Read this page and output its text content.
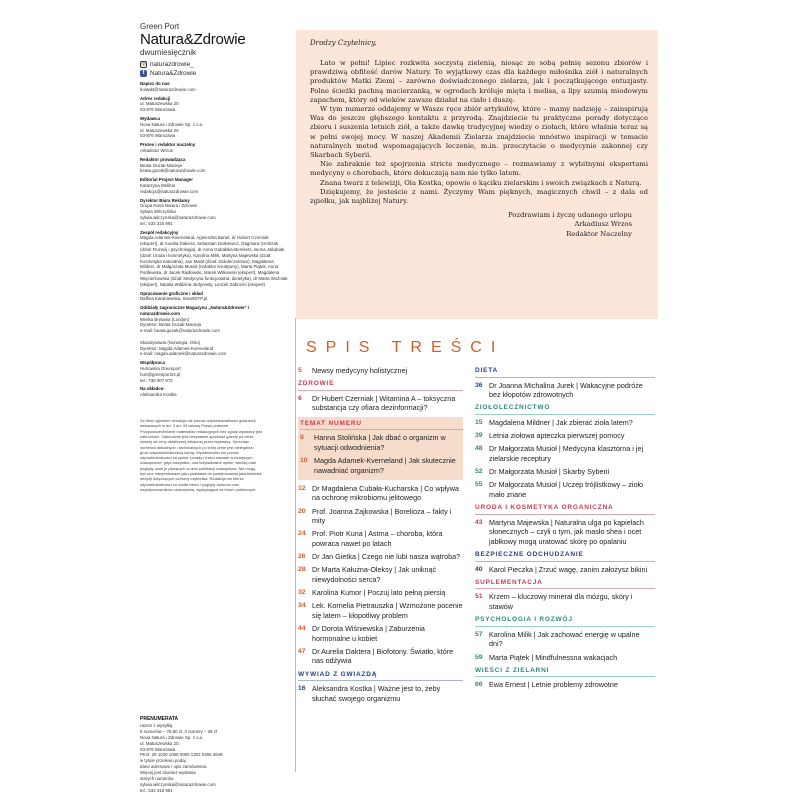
Green Port
Natura&Zdrowie
dwumiesięcznik
◎ naturazdrowie_
f Natura&Zdrowie
Napisz do nas
kontakt@naturazdrowie.com
Adres redakcji
ul. Matuszewska 20
03-876 Warszawa
Wydawca
Nova Natura i Zdrowie Sp. z o.o.
ul. Matuszewska 20
03-876 Warszawa
Prezes i redaktor naczelny
Arkadiusz Wrzos
Redaktor prowadząca
Beata Guzak-Macieja
beata.guzak@naturazdrowie.com
Editorial Project Manager
Katarzyna Melihar
redakcja@naturazdrowie.com
Dyrektor Biura Reklamy
Grupa Nova Natura i Zdrowie
Sylwia Wilczyńska
sylwia.wilczynska@naturazdrowie.com
tel.: 533 315 991
Zespół redakcyjny
Magda Adamek-Kverneland, Agnieszka Baraś, dr Hubert Czerniak (ekspert), dr Aurelia Dakiera, Sebastian Dutkiewicz, Dagmara Gmitrzak (dział: Rozwój i psychologia), dr Anna Gabałska-Berekets, Iwona Jakubiak (dział: Uroda i kosmetyka), Karolina Milik, Martyna Majewska (dział: Kosmetyka naturalna), Jan Matuł (dział: Ziołolecznictwo), Magdalena Mildner, dr Małgorzata Musioł (redaktor kreatywny), Marta Piątek, Anna Podlewska, dr Jacek Radłowski, Marek Wilkowski (ekspert), Magdalena Więcierkowska (dział: Medycyna funkcjonalna, dietetyka), dr Marta Woźniak (ekspert), Natalia Wildzina-Jedynasty, Leszek Zabrocki (ekspert)
Opracowanie graficzne i skład
Daffina Karabiewska, SmartDTP.pl
Oddziały zagraniczne Magazynu „Natura&Zdrowie” i naturazdrowie.com
Wielka Brytania (Londyn)
Dyrektor: Beata Guzak-Macieja
e-mail: beata.guzak@naturazdrowie.com

Skandynawia (Norwegia, Oslo)
Dyrektor: Magda Adamek-Kverneland
e-mail: magda.adamek@naturazdrowie.com
Współpraca
Hurtownia Greenport
hurt@greenport24.pl
tel.: 730 007 872
Na okładce:
Aleksandra Kostka
Za treść ogłoszeń redakcja nie ponosi odpowiedzialności gwarancji wskazanych w art. 3 art. 43 ustawy Prawo prasowe. Przypowszechnianie materiałów redakcyjnych bez zgody wydawcy jest zabronione. Zabronione jest bezprawne sprzedaż gazety po cenie niższej od ceny detalicznej ustalonej przez wydawcę. Sprzedaż numerów aktualnych i archiwalnych po innej cenie jest nielegalna i grozi odpowiedzialnością karną. Wydawnictwo nie ponosi odpowiedzialności za opinie, porady i treści zawarte w niniejszym czasopiśmie; gdyż wszystkie, ona indywidualne opinie, wiedzę oraz poglądy osób je piszących w dniu publikacji czasopisma. Nie mogą być one interpretowane jako podstawa do podejmowania jakichkolwiek decyzji dotyczących ochrony czytelnika. Redakcja nie bierze odpowiedzialności za źródłe treści i poglądy autorów oraz współpracowników czasopisma, wypływające na forum publicznym.
PRENUMERATA
razem z wysyłką
6 numerów – 75,60 zł, 3 numery – 38 zł
Nova Natura i Zdrowie Sp. z o.o.
ul. Matuszewska 20,
03-876 Warszawa
PKO: 29 1020 1068 0000 1302 0466 3649
w tytule przelewu podaj
dane adresowe i opis zamówienia.
Więcej jest również wysłania
starych numerów
sylwia.wilczynska@naturazdrowie.com
tel.: 533 315 991
Drodzy Czytelnicy,

Lato w pełni! Lipiec rozkwita soczystą zielenią, niosąc ze sobą pełnię sezonu zbiorów i prawdziwą obfitość darów Natury. To wyjątkowy czas dla każdego miłośnika ziół i naturalnych produktów Matki Ziemi – zarówno doświadczonego zielarza, jak i początkującego entuzjasty. Polne ścieżki pachną macierzanką, w ogrodach króluje mięta i melisa, a lipy szumią miodowym zapachem, który od wieków zawsze działał na ciało i duszę.

W tym numerze oddajemy w Wasze ręce zbiór artykułów, które – mamy nadzieję – zainspirują Was do jeszcze głębszego kontaktu z przyrodą. Znajdziecie tu praktyczne porady dotyczące zbioru i suszenia letnich ziół, a także dawkę tradycyjnej wiedzy o ziołach, które właśnie teraz są w pełni swojej mocy. W naszej Akademii Zielarza znajdziecie mnóstwo inspiracji w temacie naturalnych metod wspomagających leczenie, m.in. przeczytacie o medycynie zakonnej czy Skarbach Syberii.

Nie zabraknie też spojrzenia stricte medycznego – rozmawiamy z wybitnymi ekspertami medycyny o chorobach, które dokuczają nam nie tylko latem.

Znana twarz z telewizji, Ola Kostka, opowie o kąciku zielarskim i swoich związkach z Naturą.

Dziękujemy, że jesteście z nami. Życzymy Wam pięknych, magicznych chwil – z dala od zgiełku, jak najbliżej Natury.

Pozdrawiam i życzę udanego urlopu
Arkadiusz Wrzos
Redaktor Naczelny
SPIS TREŚCI
5	Newsy medycyny holistycznej
ZDROWIE
6	Dr Hubert Czerniak | Witamina A – toksyczna substancja czy ofiara dezinformacji?
TEMAT NUMERU
8	Hanna Stolińska | Jak dbać o organizm w sytuacji odwodnienia?
10 Magda Adamek-Kverneland | Jak skutecznie nawadniać organizm?
12 Dr Magdalena Cubała-Kucharska | Co wpływa na ochronę mikrobiomu jelitowego
20 Prof. Joanna Zajkowska | Borelioza – fakty i mity
24 Prof. Piotr Kuna | Astma – choroba, która powraca nawet po latach
26 Dr Jan Gietka | Czego nie lubi nasza wątroba?
28 Dr Marta Kałużna-Oleksy | Jak uniknąć niewydolności serca?
32 Karolina Kumor | Poczuj lato pełną piersią
34 Lek. Kornelia Pietrauszka | Wzmożone pocenie się latem – kłopotliwy problem
44 Dr Dorota Wiśniewska | Zaburzenia hormonalne u kobiet
47 Dr Aurelia Daktera | Biofotony. Światło, które nas odżywia
WYWIAD Z GWIAZDĄ
16 Aleksandra Kostka | Ważne jest to, żeby słuchać swojego organizmu
DIETA
36 Dr Joanna Michalina Jurek | Wakacyjne podróże bez kłopotów zdrowotnych
ZIOŁOLECZNICTWO
15 Magdalena Mildner | Jak zbierać zioła latem?
39 Letnia ziołowa apteczka pierwszej pomocy
48 Dr Małgorzata Musioł | Medycyna klasztorna i jej zielarskie receptury
52 Dr Małgorzata Musioł | Skarby Syberii
55 Dr Małgorzata Musioł | Uczep trójlistkowy – zioło mało znane
URODA I KOSMETYKA ORGANICZNA
43 Martyna Majewska | Naturalna ulga po kąpielach słonecznych – czyli o tym, jak masło shea i ocet jabłkowy mogą uratować skórę po opalaniu
BEZPIECZNE ODCHUDZANIE
40 Karol Pieczka | Zrzuć wagę, zanim założysz bikini
SUPLEMENTACJA
51 Krzem – kluczowy minerał dla mózgu, skóry i stawów
PSYCHOLOGIA I ROZWÓJ
57 Karolina Milik | Jak zachować energię w upalne dni?
59 Marta Piątek | Mindfulnessna wakacjach
WIEŚCI Z ZIELARNI
66 Ewa Ernest | Letnie problemy zdrowotne
